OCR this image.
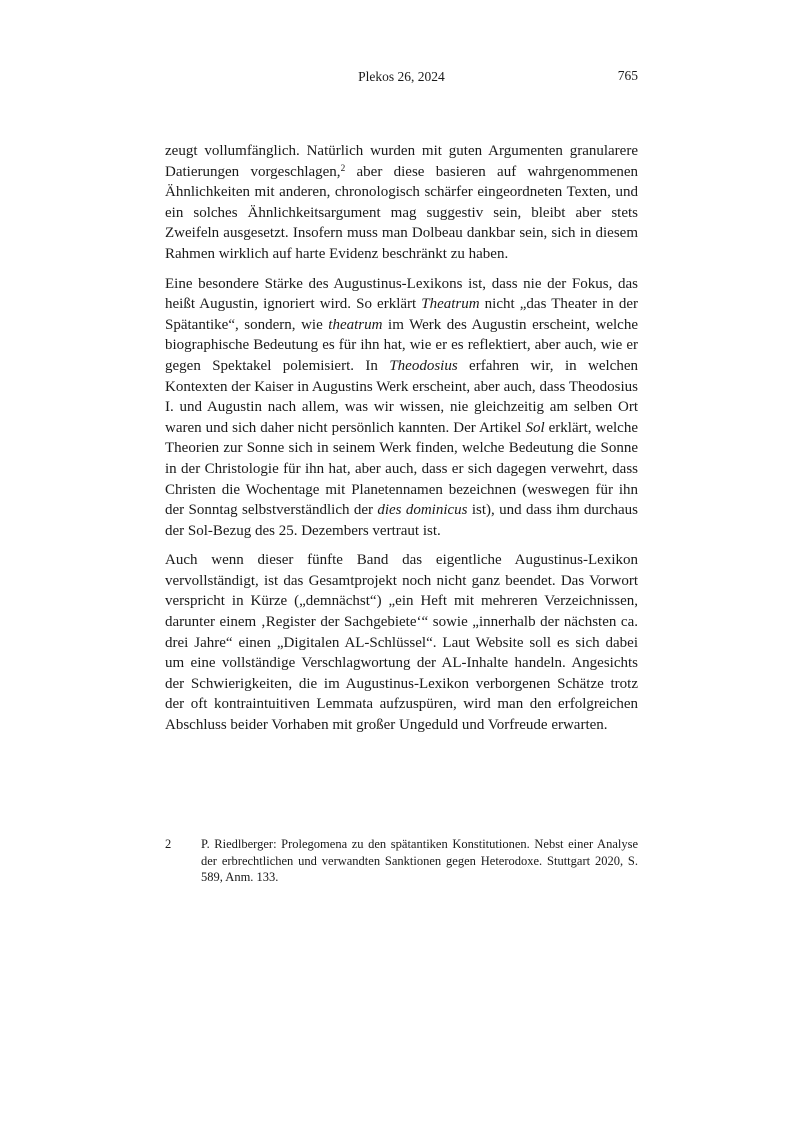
Plekos 26, 2024	765

zeugt vollumfänglich. Natürlich wurden mit guten Argumenten granularere Datierungen vorgeschlagen,$^2$ aber diese basieren auf wahrgenommenen Ähnlichkeiten mit anderen, chronologisch schärfer eingeordneten Texten, und ein solches Ähnlichkeitsargument mag suggestiv sein, bleibt aber stets Zweifeln ausgesetzt. Insofern muss man Dolbeau dankbar sein, sich in diesem Rahmen wirklich auf harte Evidenz beschränkt zu haben.

Eine besondere Stärke des Augustinus-Lexikons ist, dass nie der Fokus, das heißt Augustin, ignoriert wird. So erklärt Theatrum nicht „das Theater in der Spätantike“, sondern, wie theatrum im Werk des Augustin erscheint, welche biographische Bedeutung es für ihn hat, wie er es reflektiert, aber auch, wie er gegen Spektakel polemisiert. In Theodosius erfahren wir, in welchen Kontexten der Kaiser in Augustins Werk erscheint, aber auch, dass Theodosius I. und Augustin nach allem, was wir wissen, nie gleichzeitig am selben Ort waren und sich daher nicht persönlich kannten. Der Artikel Sol erklärt, welche Theorien zur Sonne sich in seinem Werk finden, welche Bedeutung die Sonne in der Christologie für ihn hat, aber auch, dass er sich dagegen verwehrt, dass Christen die Wochentage mit Planetennamen bezeichnen (weswegen für ihn der Sonntag selbstverständlich der dies dominicus ist), und dass ihm durchaus der Sol-Bezug des 25. Dezembers vertraut ist.

Auch wenn dieser fünfte Band das eigentliche Augustinus-Lexikon vervollständigt, ist das Gesamtprojekt noch nicht ganz beendet. Das Vorwort verspricht in Kürze („demnächst“) „ein Heft mit mehreren Verzeichnissen, darunter einem ‚Register der Sachgebiete‘“ sowie „innerhalb der nächsten ca. drei Jahre“ einen „Digitalen AL-Schlüssel“. Laut Website soll es sich dabei um eine vollständige Verschlagwortung der AL-Inhalte handeln. Angesichts der Schwierigkeiten, die im Augustinus-Lexikon verborgenen Schätze trotz der oft kontraintuitiven Lemmata aufzuspüren, wird man den erfolgreichen Abschluss beider Vorhaben mit großer Ungeduld und Vorfreude erwarten.

2 P. Riedlberger: Prolegomena zu den spätantiken Konstitutionen. Nebst einer Analyse der erbrechtlichen und verwandten Sanktionen gegen Heterodoxe. Stuttgart 2020, S. 589, Anm. 133.
